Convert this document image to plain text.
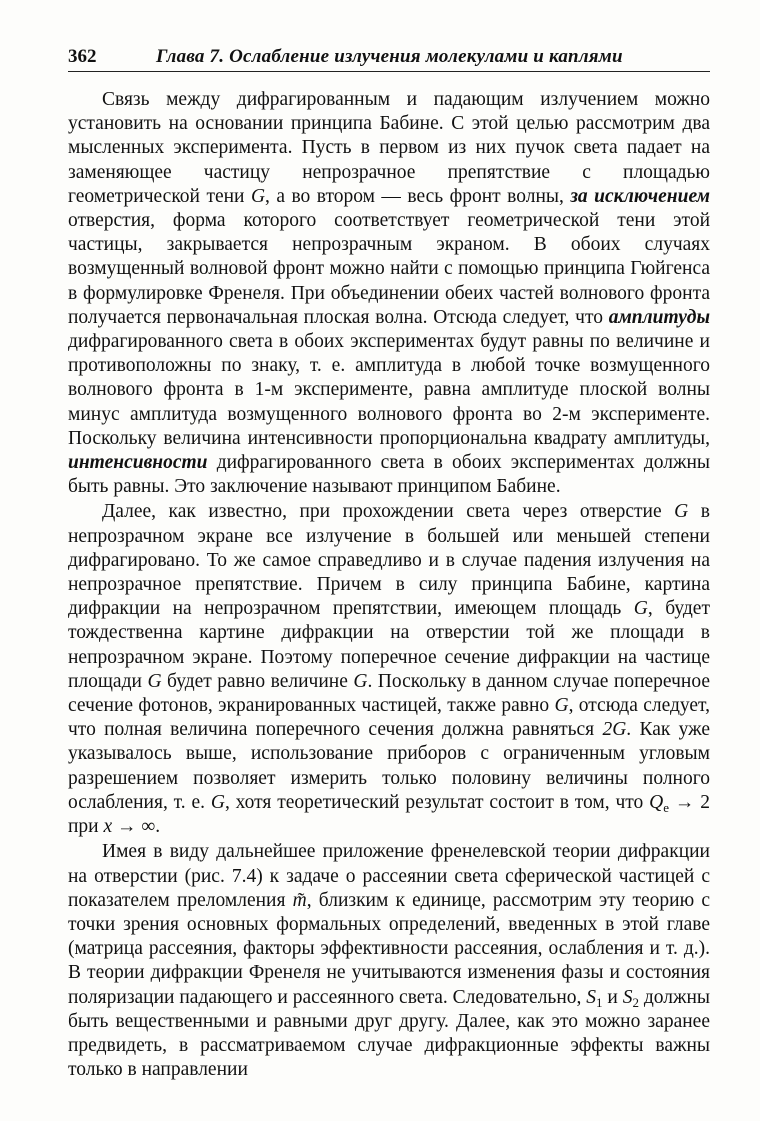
362	Глава 7. Ослабление излучения молекулами и каплями

Связь между дифрагированным и падающим излучением можно установить на основании принципа Бабине. С этой целью рассмотрим два мысленных эксперимента. Пусть в первом из них пучок света падает на заменяющее частицу непрозрачное препятствие с площадью геометрической тени G, а во втором — весь фронт волны, за исключением отверстия, форма которого соответствует геометрической тени этой частицы, закрывается непрозрачным экраном. В обоих случаях возмущенный волновой фронт можно найти с помощью принципа Гюйгенса в формулировке Френеля. При объединении обеих частей волнового фронта получается первоначальная плоская волна. Отсюда следует, что амплитуды дифрагированного света в обоих экспериментах будут равны по величине и противоположны по знаку, т. е. амплитуда в любой точке возмущенного волнового фронта в 1-м эксперименте, равна амплитуде плоской волны минус амплитуда возмущенного волнового фронта во 2-м эксперименте. Поскольку величина интенсивности пропорциональна квадрату амплитуды, интенсивности дифрагированного света в обоих экспериментах должны быть равны. Это заключение называют принципом Бабине.

Далее, как известно, при прохождении света через отверстие G в непрозрачном экране все излучение в большей или меньшей степени дифрагировано. То же самое справедливо и в случае падения излучения на непрозрачное препятствие. Причем в силу принципа Бабине, картина дифракции на непрозрачном препятствии, имеющем площадь G, будет тождественна картине дифракции на отверстии той же площади в непрозрачном экране. Поэтому поперечное сечение дифракции на частице площади G будет равно величине G. Поскольку в данном случае поперечное сечение фотонов, экранированных частицей, также равно G, отсюда следует, что полная величина поперечного сечения должна равняться 2G. Как уже указывалось выше, использование приборов с ограниченным угловым разрешением позволяет измерить только половину величины полного ослабления, т. е. G, хотя теоретический результат состоит в том, что $Q_e \to 2$ при x → ∞.

Имея в виду дальнейшее приложение френелевской теории дифракции на отверстии (рис. 7.4) к задаче о рассеянии света сферической частицей с показателем преломления m̃, близким к единице, рассмотрим эту теорию с точки зрения основных формальных определений, введенных в этой главе (матрица рассеяния, факторы эффективности рассеяния, ослабления и т. д.). В теории дифракции Френеля не учитываются изменения фазы и состояния поляризации падающего и рассеянного света. Следовательно, $S_1$ и $S_2$ должны быть вещественными и равными друг другу. Далее, как это можно заранее предвидеть, в рассматриваемом случае дифракционные эффекты важны только в направлении
